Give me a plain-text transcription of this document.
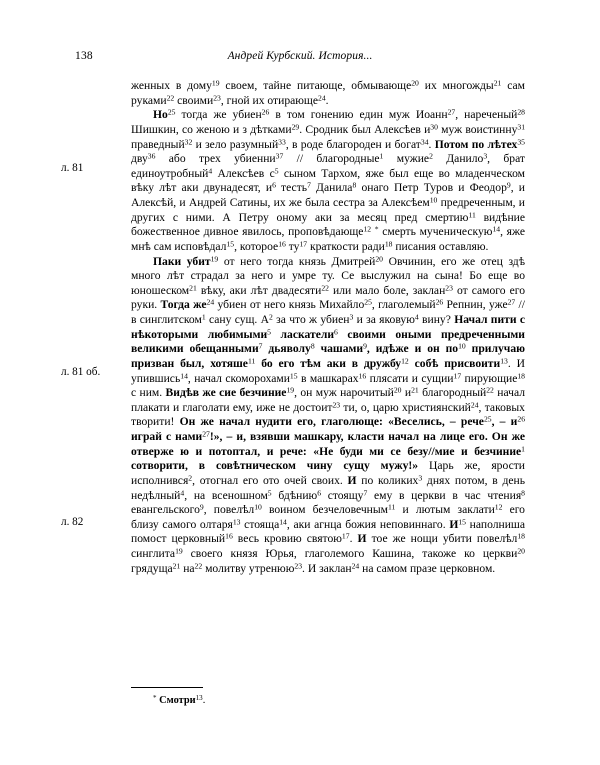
138	Андрей Курбский. История...
л. 81
л. 81 об.
л. 82

женных в дому$^{19}$ своем, тайне питающе, обмывающе$^{20}$ их многожды$^{21}$ сам руками$^{22}$ своими$^{23}$, гной их отирающе$^{24}$.

$Но^{25}$ тогда же убиен$^{26}$ в том гонению един муж Иоанн$^{27}$, нареченый$^{28}$ Шишкин, со женою и з дѣтками$^{29}$. Сродник был Алексѣев $и^{30}$ муж воистинну$^{31}$ праведный$^{32}$ и зело разумный$^{33}$, в роде благороден и богат$^{34}$. Потом по лѣтех$^{35}$ дву$^{36}$ або трех убиенни$^{37}$ // благородные$^1$ мужие$^2$ Данило$^3$, брат единоутробный$^4$ Алексѣев $с^5$ сыном Тархом, яже был еще во младенческом вѣку лѣт аки двунадесят, $и^6$ тесть$^7$ Данила$^8$ онаго Петр Туров и Феодор$^9$, и Алексѣй, и Андрей Сатины, их же была сестра за Алексѣем$^{10}$ предреченным, и других с ними. А Петру оному аки за месяц пред смертию$^{11}$ видѣние божественное дивное явилось, проповѣдающе$^{12}$ * смерть мученическую$^{14}$, яже мнѣ сам исповѣдал$^{15}$, которое$^{16}$ $ту^{17}$ краткости ради$^{18}$ писания оставляю.

Паки убит$^{19}$ от него тогда князь Дмитрей$^{20}$ Овчинин, его же отец здѣ много лѣт страдал за него и умре ту. Се выслужил на сына! Бо еще во юношеском$^{21}$ вѣку, аки лѣт двадесяти$^{22}$ или мало боле, заклан$^{23}$ от самого его руки. Тогда $же^{24}$ убиен от него князь Михайло$^{25}$, глаголемый$^{26}$ Репнин, уже$^{27}$ // в синглитском$^1$ сану сущ. $А^2$ за что ж убиен$^3$ и за яковую$^4$ вину? Начал пити с нѣкоторыми любимыми$^5$ ласкатели$^6$ своими оными предреченными великими обещанными$^7$ дьяволу$^8$ чашами$^9$, идѣже и он $по^{10}$ прилучаю призван был, хотяше$^{11}$ бо его тѣм аки в дружбу$^{12}$ собѣ присвоити$^{13}$. И упившись$^{14}$, начал скоморохами$^{15}$ в машкарах$^{16}$ плясати и сущии$^{17}$ пирующие$^{18}$ с ним. Видѣв же сие безчиние$^{19}$, он муж нарочитый$^{20}$ $и^{21}$ благородный$^{22}$ начал плакати и глаголати ему, иже не достоит$^{23}$ ти, о, царю християнский$^{24}$, таковых творити! Он же начал нудити его, глаголюще: «Веселись, – рече$^{25}$, – $и^{26}$ играй с нами$^{27}$!», – и, взявши машкару, класти начал на лице его. Он же отверже ю и потоптал, и рече: «Не буди ми се безу//мие и безчиние$^1$ сотворити, в совѣтническом чину сущу мужу!» Царь же, ярости исполнився$^2$, отогнал его ото очей своих. И по коликих$^3$ днях потом, в день недѣлный$^4$, на всеношном$^5$ бдѣнию$^6$ стоящу$^7$ ему в церкви в час чтения$^8$ евангельского$^9$, повелѣл$^{10}$ воином безчеловечным$^{11}$ и лютым заклати$^{12}$ его близу самого олтаря$^{13}$ стояща$^{14}$, аки агнца божия неповиннаго. $И^{15}$ наполниша помост церковный$^{16}$ весь кровию святою$^{17}$. И тое же нощи убити повелѣл$^{18}$ синглита$^{19}$ своего князя Юрья, глаголемого Кашина, такоже ко церкви$^{20}$ грядуща$^{21}$ $на^{22}$ молитву утренюю$^{23}$. И заклан$^{24}$ на самом празе церковном.

* Смотри$^{13}$.
